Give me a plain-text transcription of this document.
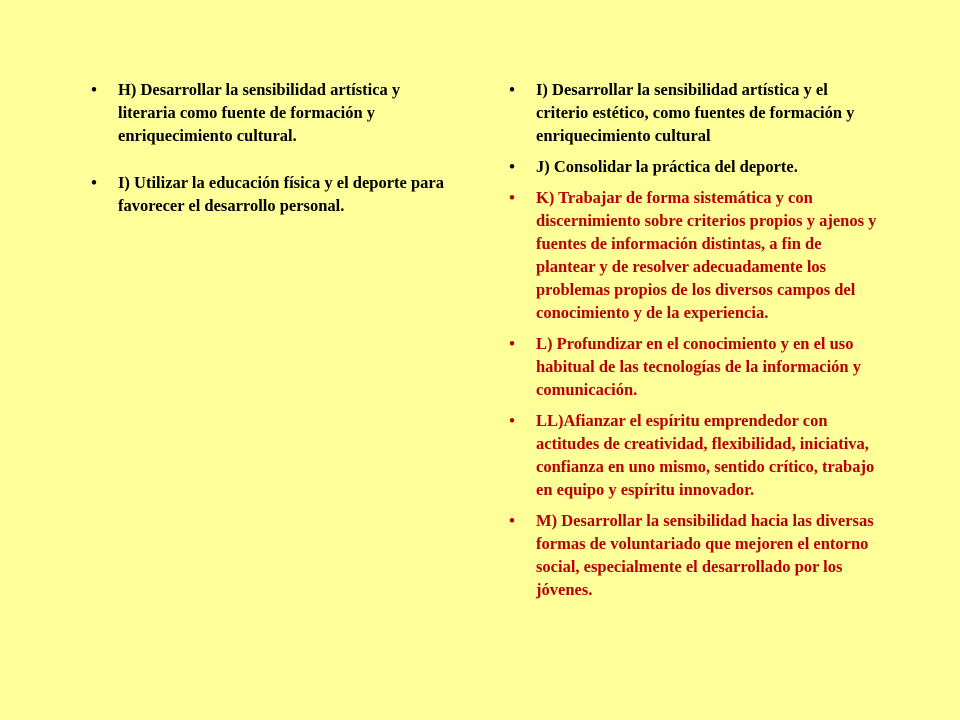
•	H) Desarrollar la sensibilidad artística y literaria como fuente de formación y enriquecimiento cultural.
•	I) Utilizar la educación física y el deporte para favorecer el desarrollo personal.
•	I) Desarrollar la sensibilidad artística y el criterio estético, como fuentes de formación y enriquecimiento cultural
•	J) Consolidar la práctica del deporte.
•	K) Trabajar de forma sistemática y con discernimiento sobre criterios propios y ajenos y fuentes de información distintas, a fin de plantear y de resolver adecuadamente los problemas propios de los diversos campos del conocimiento y de la experiencia.
•	L) Profundizar en el conocimiento y en el uso habitual de las tecnologías de la información y comunicación.
•	LL)Afianzar el espíritu emprendedor con actitudes de creatividad, flexibilidad, iniciativa, confianza en uno mismo, sentido crítico, trabajo en equipo y espíritu innovador.
•	M) Desarrollar la sensibilidad hacia las diversas formas de voluntariado que mejoren el entorno social, especialmente el desarrollado por los jóvenes.
